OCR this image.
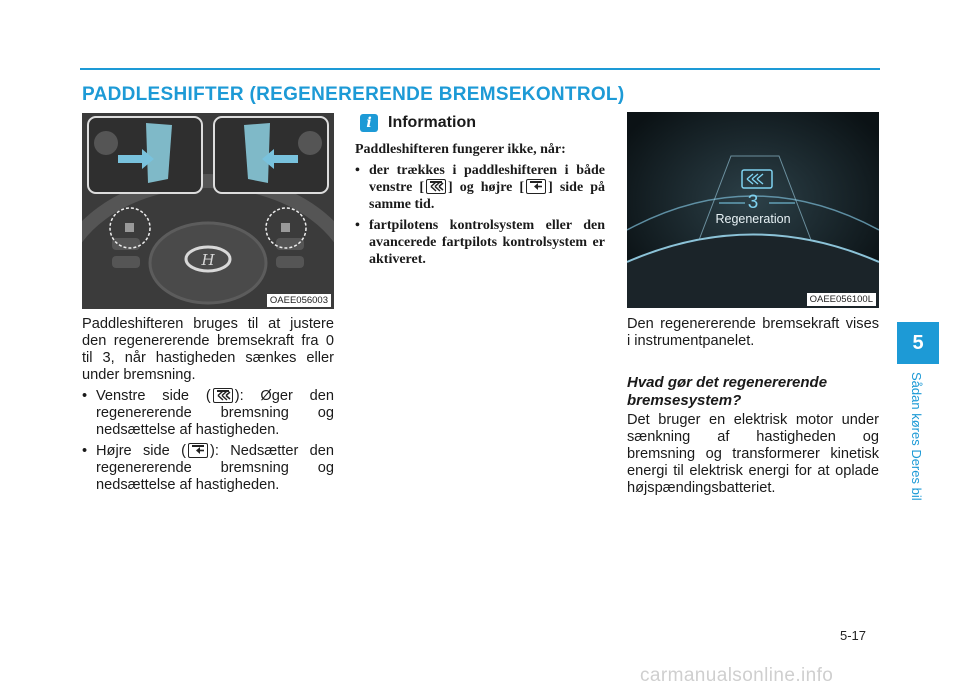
PADDLESHIFTER (REGENERERENDE BREMSEKONTROL)
H
OAEE056003
Paddleshifteren bruges til at justere den regenererende bremsekraft fra 0 til 3, når hastigheden sænkes eller under bremsning.
• Venstre side ( ): Øger den regenererende bremsning og nedsættelse af hastigheden.
• Højre side ( ): Nedsætter den regenererende bremsning og nedsættelse af hastigheden.
i	Information
Paddleshifteren fungerer ikke, når:
• der trækkes i paddleshifteren i både venstre [ ] og højre [ ] side på samme tid.
• fartpilotens kontrolsystem eller den avancerede fartpilots kontrolsystem er aktiveret.
3
Regeneration
OAEE056100L
Den regenererende bremsekraft vises i instrumentpanelet.
Hvad gør det regenererende bremsesystem?
Det bruger en elektrisk motor under sænkning af hastigheden og bremsning og transformerer kinetisk energi til elektrisk energi for at oplade højspændingsbatteriet.
5
Sådan køres Deres bil
5-17
carmanualsonline.info
